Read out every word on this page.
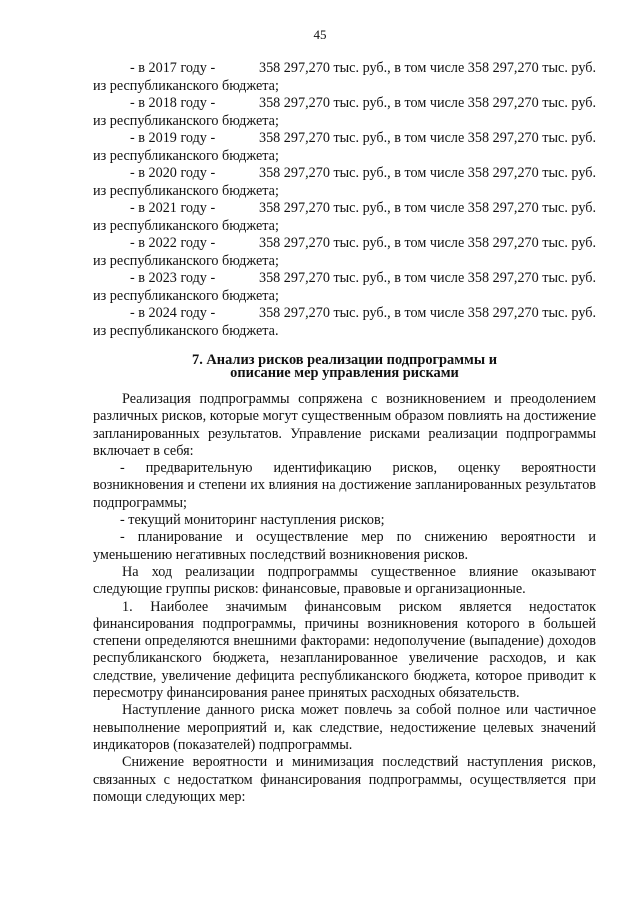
45
- в 2017 году -	358 297,270 тыс. руб., в том числе 358 297,270 тыс. руб.
из республиканского бюджета;
- в 2018 году -	358 297,270 тыс. руб., в том числе 358 297,270 тыс. руб.
из республиканского бюджета;
- в 2019 году -	358 297,270 тыс. руб., в том числе 358 297,270 тыс. руб.
из республиканского бюджета;
- в 2020 году -	358 297,270 тыс. руб., в том числе 358 297,270 тыс. руб.
из республиканского бюджета;
- в 2021 году -	358 297,270 тыс. руб., в том числе 358 297,270 тыс. руб.
из республиканского бюджета;
- в 2022 году -	358 297,270 тыс. руб., в том числе 358 297,270 тыс. руб.
из республиканского бюджета;
- в 2023 году -	358 297,270 тыс. руб., в том числе 358 297,270 тыс. руб.
из республиканского бюджета;
- в 2024 году -	358 297,270 тыс. руб., в том числе 358 297,270 тыс. руб.
из республиканского бюджета.
7. Анализ рисков реализации подпрограммы и
описание мер управления рисками

Реализация подпрограммы сопряжена с возникновением и преодолением различных рисков, которые могут существенным образом повлиять на достижение запланированных результатов. Управление рисками реализации подпрограммы включает в себя:

- предварительную идентификацию рисков, оценку вероятности возникновения и степени их влияния на достижение запланированных результатов подпрограммы;

- текущий мониторинг наступления рисков;

- планирование и осуществление мер по снижению вероятности и уменьшению негативных последствий возникновения рисков.

На ход реализации подпрограммы существенное влияние оказывают следующие группы рисков: финансовые, правовые и организационные.

1. Наиболее значимым финансовым риском является недостаток финансирования подпрограммы, причины возникновения которого в большей степени определяются внешними факторами: недополучение (выпадение) доходов республиканского бюджета, незапланированное увеличение расходов, и как следствие, увеличение дефицита республиканского бюджета, которое приводит к пересмотру финансирования ранее принятых расходных обязательств.

Наступление данного риска может повлечь за собой полное или частичное невыполнение мероприятий и, как следствие, недостижение целевых значений индикаторов (показателей) подпрограммы.

Снижение вероятности и минимизация последствий наступления рисков, связанных с недостатком финансирования подпрограммы, осуществляется при помощи следующих мер:
